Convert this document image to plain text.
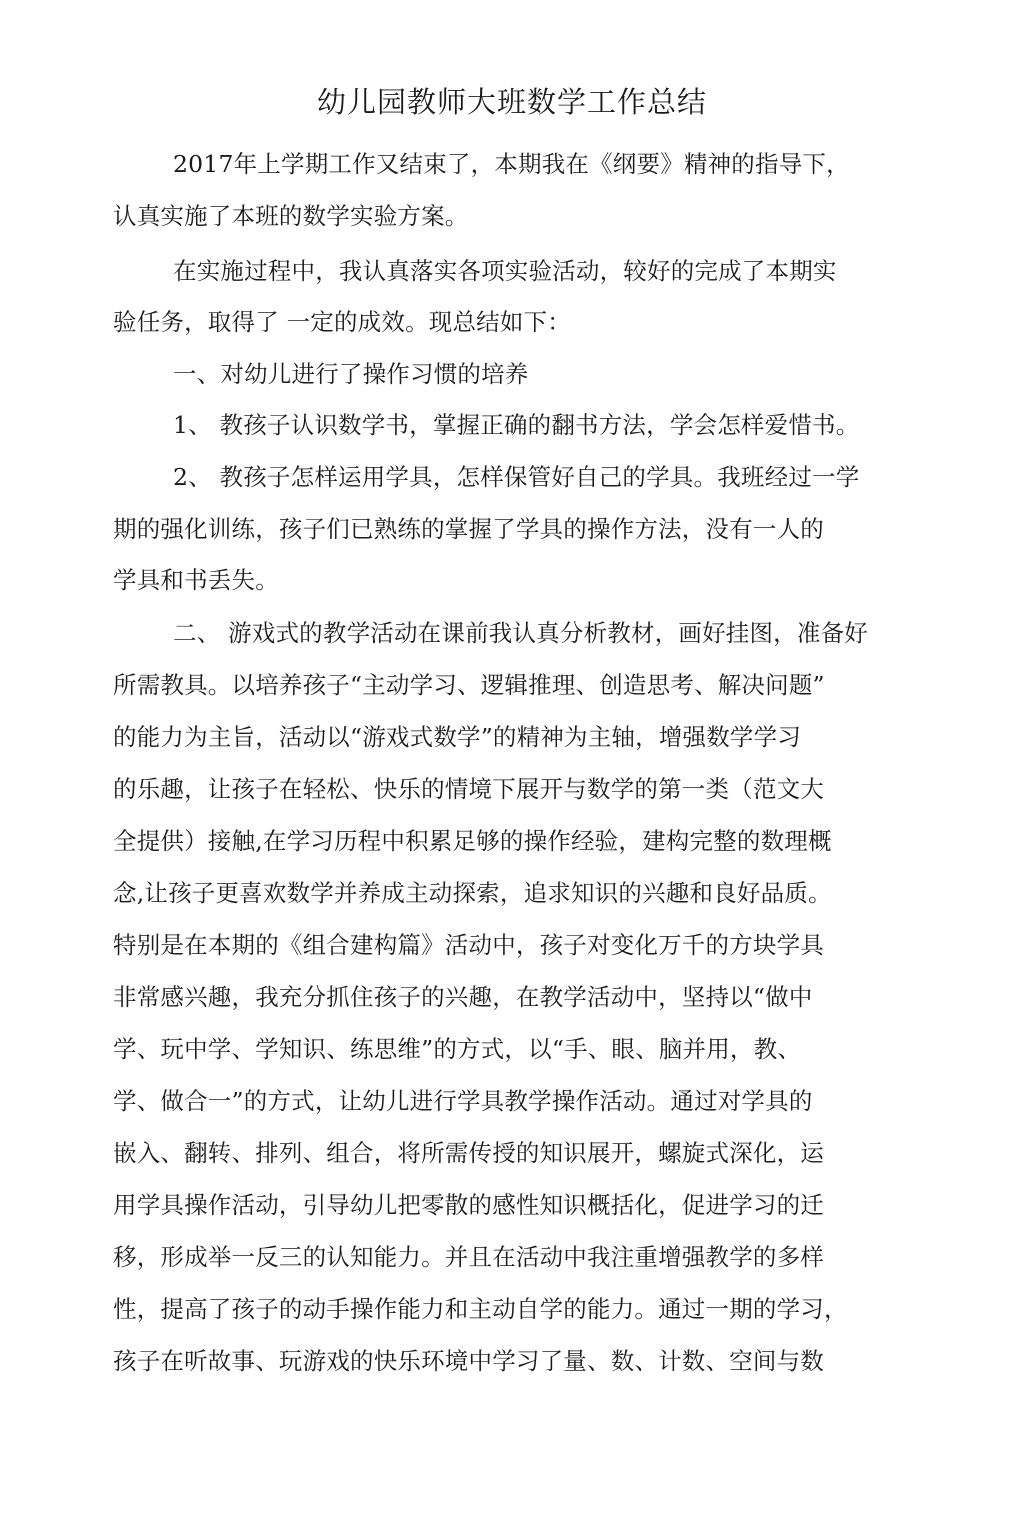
幼儿园教师大班数学工作总结
2017年上学期工作又结束了，本期我在《纲要》精神的指导下，
认真实施了本班的数学实验方案。
在实施过程中，我认真落实各项实验活动，较好的完成了本期实
验任务，取得了 一定的成效。现总结如下：
一、对幼儿进行了操作习惯的培养
1、 教孩子认识数学书，掌握正确的翻书方法，学会怎样爱惜书。
2、 教孩子怎样运用学具，怎样保管好自己的学具。我班经过一学
期的强化训练，孩子们已熟练的掌握了学具的操作方法，没有一人的
学具和书丢失。
二、 游戏式的教学活动在课前我认真分析教材，画好挂图，准备好
所需教具。以培养孩子“主动学习、逻辑推理、创造思考、解决问题”
的能力为主旨，活动以“游戏式数学”的精神为主轴，增强数学学习
的乐趣，让孩子在轻松、快乐的情境下展开与数学的第一类（范文大
全提供）接触,在学习历程中积累足够的操作经验，建构完整的数理概
念,让孩子更喜欢数学并养成主动探索，追求知识的兴趣和良好品质。
特别是在本期的《组合建构篇》活动中，孩子对变化万千的方块学具
非常感兴趣，我充分抓住孩子的兴趣，在教学活动中，坚持以“做中
学、玩中学、学知识、练思维”的方式，以“手、眼、脑并用，教、
学、做合一”的方式，让幼儿进行学具教学操作活动。通过对学具的
嵌入、翻转、排列、组合，将所需传授的知识展开，螺旋式深化，运
用学具操作活动，引导幼儿把零散的感性知识概括化，促进学习的迁
移，形成举一反三的认知能力。并且在活动中我注重增强教学的多样
性，提高了孩子的动手操作能力和主动自学的能力。通过一期的学习，
孩子在听故事、玩游戏的快乐环境中学习了量、数、计数、空间与数
